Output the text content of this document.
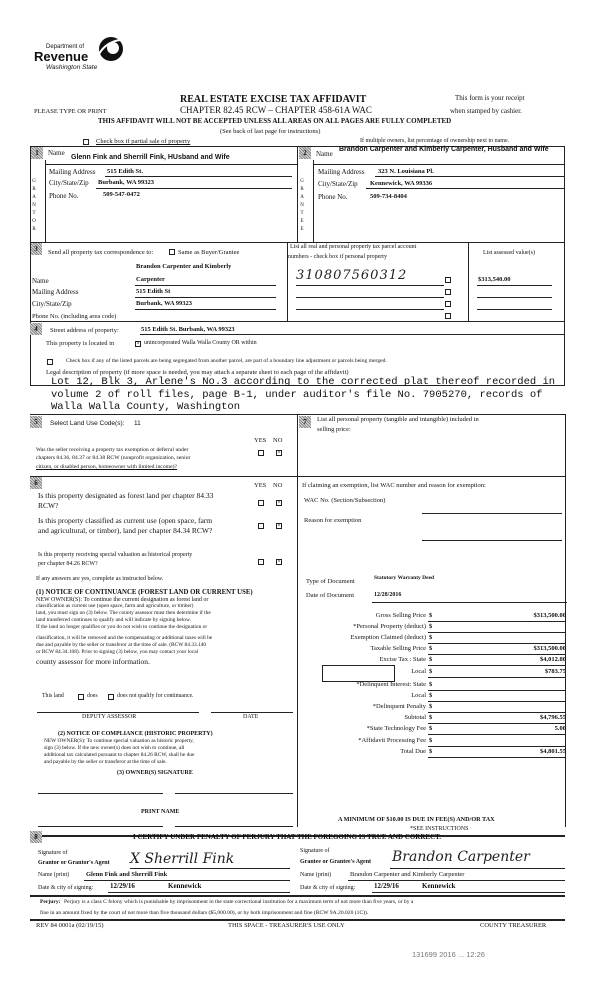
Department of
Revenue
Washington State
PLEASE TYPE OR PRINT
REAL ESTATE EXCISE TAX AFFIDAVIT
CHAPTER 82.45 RCW – CHAPTER 458-61A WAC
This form is your receipt
when stamped by cashier.
THIS AFFIDAVIT WILL NOT BE ACCEPTED UNLESS ALL AREAS ON ALL PAGES ARE FULLY COMPLETED
(See back of last page for instructions)
Check box if partial sale of property	If multiple owners, list percentage of ownership next to name.
1
GRANTOR
Name
Glenn Fink and Sherrill Fink, HUsband and Wife
Mailing Address 515 Edith St.
City/State/Zip Burbank, WA 99323
Phone No.	509-547-0472
2
GRANTEE
Name
Brandon Carpenter and Kimberly Carpenter, Husband and Wife
Mailing Address 323 N. Louisiana Pl.
City/State/Zip Kennewick, WA 99336
Phone No.	509-734-8404
3	Send all property tax correspondence to:	Same as Buyer/Grantee
List all real and personal property tax parcel account
numbers - check box if personal property
List assessed value(s)
Name
Brandon Carpenter and Kimberly
Carpenter
Mailing Address	515 Edith St
City/State/Zip	Burbank, WA 99323
Phone No. (including area code)
310807560312	$313,540.00
4	Street address of property:	515 Edith St. Burbank, WA 99323
This property is located in	× unincorporated Walla Walla County OR within
Check box if any of the listed parcels are being segregated from another parcel, are part of a boundary line adjustment or parcels being merged.
Legal description of property (if more space is needed, you may attach a separate sheet to each page of the affidavit)
Lot 12, Blk 3, Arlene's No.3 according to the corrected plat thereof recorded in
volume 2 of roll files, page B-1, under auditor's file No. 7905270, records of
Walla Walla County, Washington
5	Select Land Use Code(s): 11
YES NO
Was the seller receiving a property tax exemption or deferral under
chapters 84.36, 84.37 or 84.38 RCW (nonprofit organization, senior
citizen, or disabled person, homeowner with limited income)?
×
6	YES NO
Is this property designated as forest land per chapter 84.33
RCW?	×
Is this property classified as current use (open space, farm
and agricultural, or timber), land per chapter 84.34 RCW?	×
Is this property receiving special valuation as historical property
per chapter 84.26 RCW?	×
If any answers are yes, complete as instructed below.
(1) NOTICE OF CONTINUANCE (FOREST LAND OR CURRENT USE)
NEW OWNER(S): To continue the current designation as forest land or
classification as current use (open space, farm and agriculture, or timber)
land, you must sign on (3) below. The county assessor must then determine if the
land transferred continues to qualify and will indicate by signing below.
If the land no longer qualifies or you do not wish to continue the designation or
classification, it will be removed and the compensating or additional taxes will be
due and payable by the seller or transferor at the time of sale. (RCW 84.33.140
or RCW 84.34.108). Prior to signing (3) below, you may contact your local
county assessor for more information.
This land	does	does not qualify for continuance.
DEPUTY ASSESSOR	DATE
(2) NOTICE OF COMPLIANCE (HISTORIC PROPERTY)
NEW OWNER(S): To continue special valuation as historic property,
sign (3) below. If the new owner(s) does not wish to continue, all
additional tax calculated pursuant to chapter 84.26 RCW, shall be due
and payable by the seller or transferor at the time of sale.
(3) OWNER(S) SIGNATURE
PRINT NAME
7	List all personal property (tangible and intangible) included in
selling price:
If claiming an exemption, list WAC number and reason for exemption:
WAC No. (Section/Subsection)
Reason for exemption
Type of Document	Statutory Warranty Deed
Date of Document	12/28/2016
Gross Selling Price $	$313,500.00
*Personal Property (deduct) $
Exemption Claimed (deduct) $
Taxable Selling Price $	$313,500.00
Excise Tax : State $	$4,012.80
Local $	$783.75
*Delinquent Interest: State $
Local $
*Delinquent Penalty $
Subtotal $	$4,796.55
*State Technology Fee $	5.00
*Affidavit Processing Fee $
Total Due $	$4,801.55
A MINIMUM OF $10.00 IS DUE IN FEE(S) AND/OR TAX
*SEE INSTRUCTIONS
8	I CERTIFY UNDER PENALTY OF PERJURY THAT THE FOREGOING IS TRUE AND CORRECT.
Signature of
Grantor or Grantor's Agent X Sherrill Fink
Name (print)	Glenn Fink and Sherrill Fink
Date & city of signing: 12/29/16	Kennewick
Signature of
Grantee or Grantee's Agent Brandon Carpenter
Name (print)	Brandon Carpenter and Kimberly Carpenter
Date & city of signing:	12/29/16	Kennewick
Perjury: Perjury is a class C felony which is punishable by imprisonment in the state correctional institution for a maximum term of not more than five years, or by a
fine in an amount fixed by the court of not more than five thousand dollars ($5,000.00), or by both imprisonment and fine (RCW 9A.20.020 (1C)).
REV 84 0001a (02/19/15)	THIS SPACE - TREASURER'S USE ONLY	COUNTY TREASURER
131699 2016 ... 12:26
